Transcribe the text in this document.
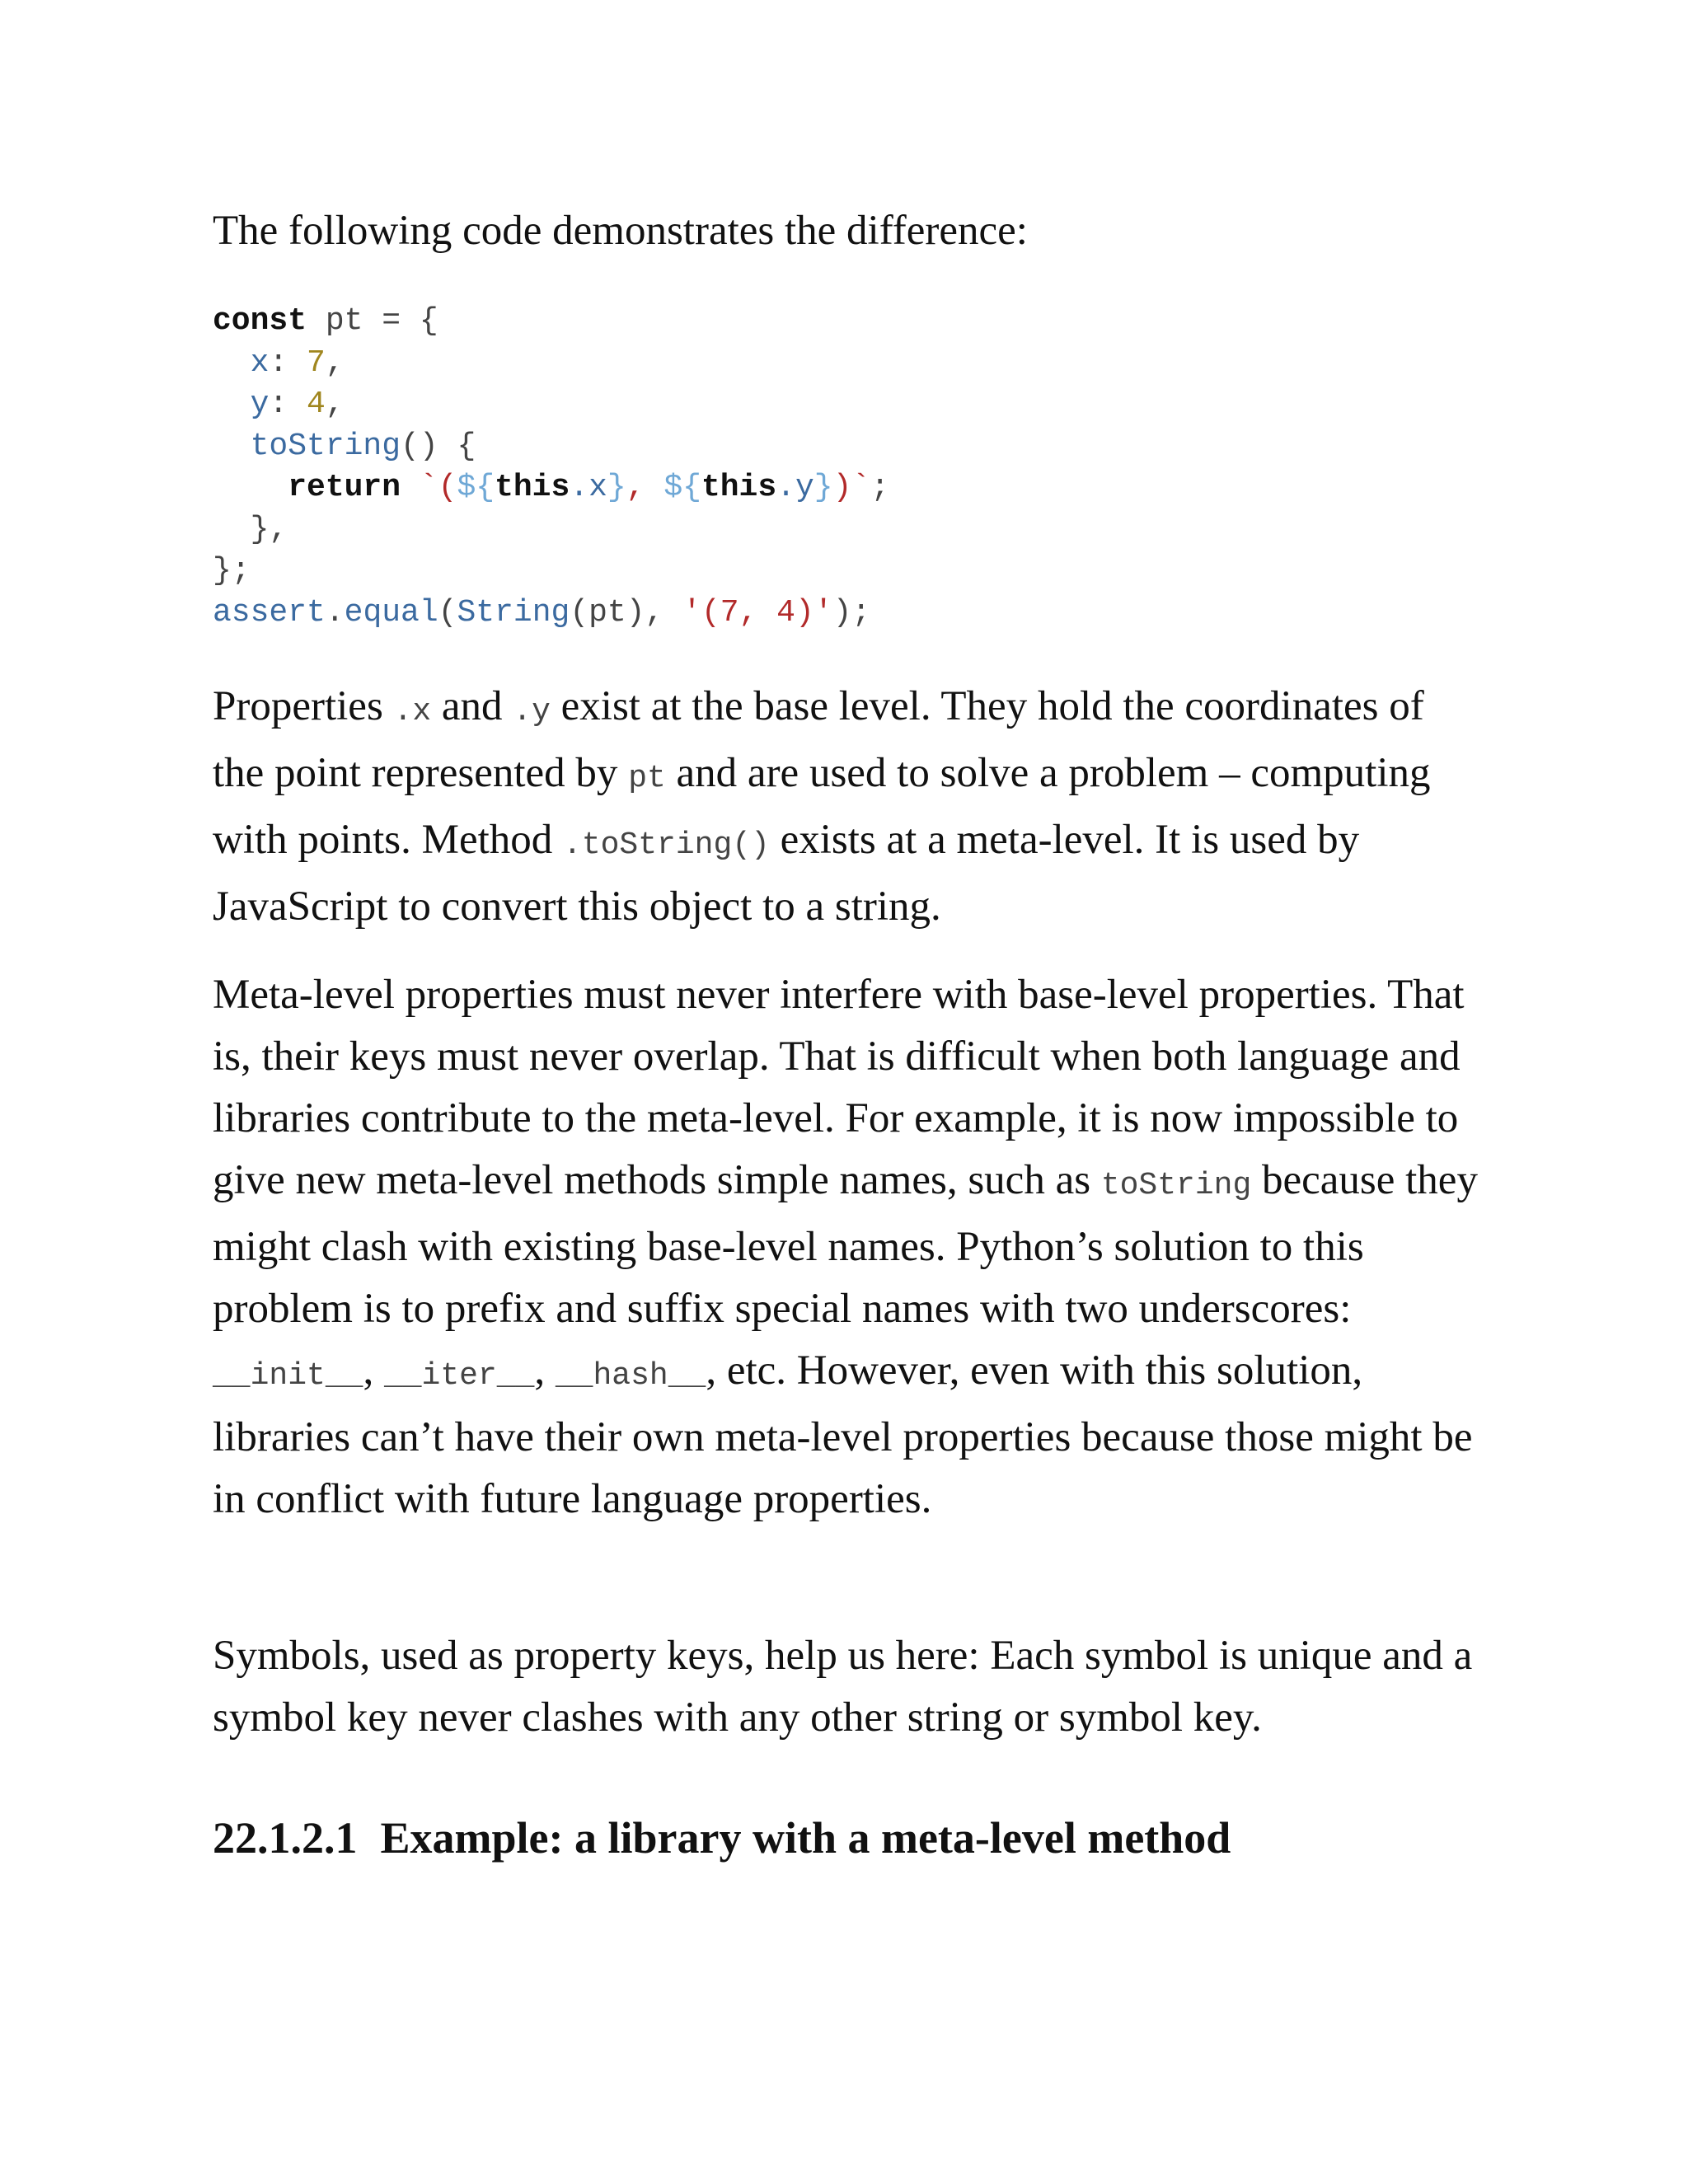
The following code demonstrates the difference:

const pt = {
x: 7,
y: 4,
toString() {
return `(${this.x}, ${this.y})`;
},
};
assert.equal(String(pt), '(7, 4)');

Properties .x and .y exist at the base level. They hold the coordinates of the point represented by pt and are used to solve a problem – computing with points. Method .toString() exists at a meta-level. It is used by JavaScript to convert this object to a string.

Meta-level properties must never interfere with base-level properties. That is, their keys must never overlap. That is difficult when both language and libraries contribute to the meta-level. For example, it is now impossible to give new meta-level methods simple names, such as toString because they might clash with existing base-level names. Python’s solution to this problem is to prefix and suffix special names with two underscores: __init__, __iter__, __hash__, etc. However, even with this solution, libraries can’t have their own meta-level properties because those might be in conflict with future language properties.

Symbols, used as property keys, help us here: Each symbol is unique and a symbol key never clashes with any other string or symbol key.

22.1.2.1 Example: a library with a meta-level method
